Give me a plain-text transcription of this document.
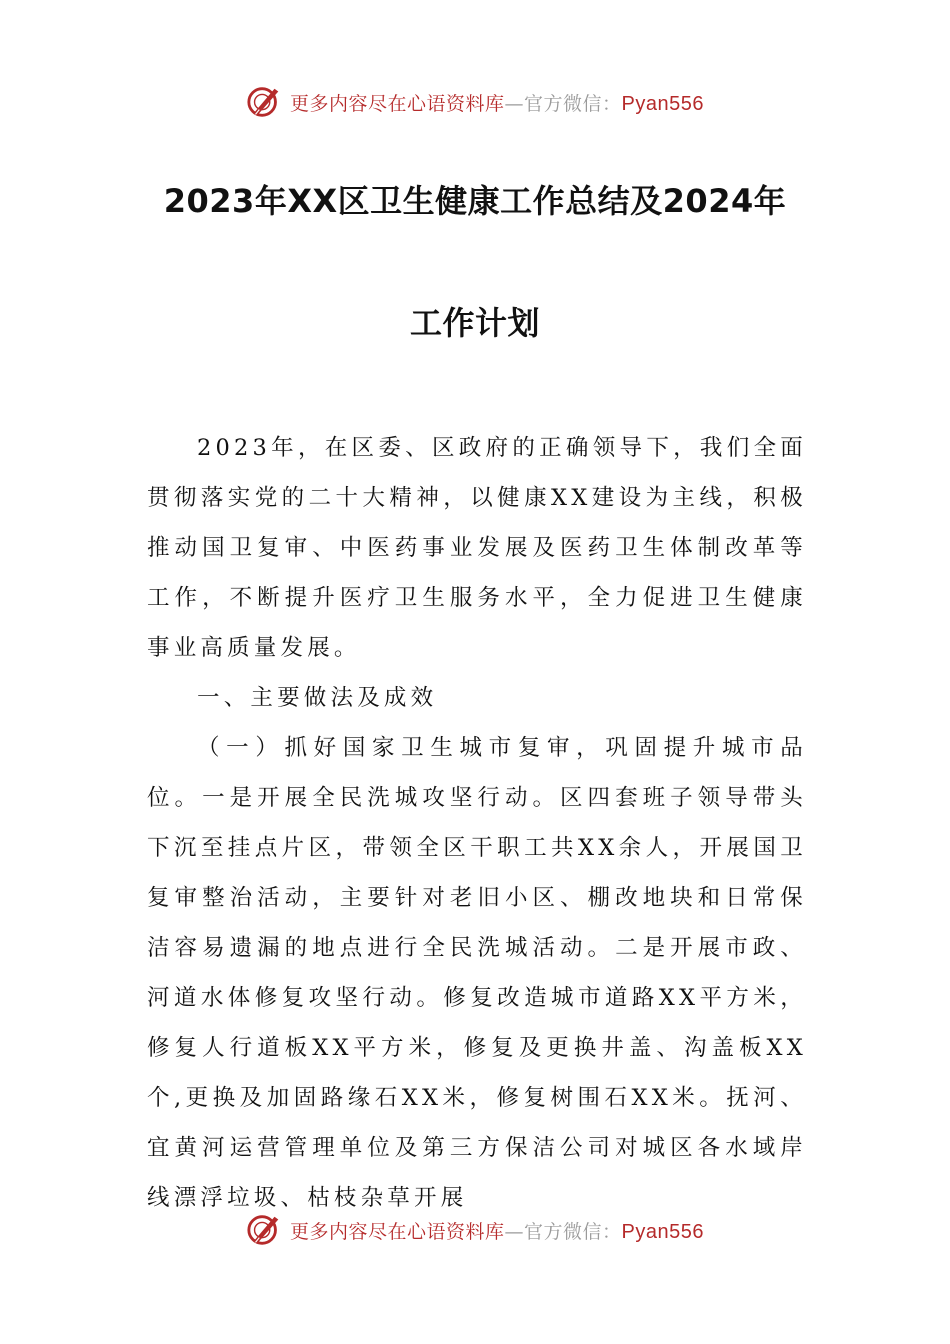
更多内容尽在心语资料库—官方微信：Pyan556
2023年XX区卫生健康工作总结及2024年
工作计划

2023年，在区委、区政府的正确领导下，我们全面贯彻落实党的二十大精神，以健康XX建设为主线，积极推动国卫复审、中医药事业发展及医药卫生体制改革等工作，不断提升医疗卫生服务水平，全力促进卫生健康事业高质量发展。

一、主要做法及成效

（一）抓好国家卫生城市复审，巩固提升城市品位。一是开展全民洗城攻坚行动。区四套班子领导带头下沉至挂点片区，带领全区干职工共XX余人，开展国卫复审整治活动，主要针对老旧小区、棚改地块和日常保洁容易遗漏的地点进行全民洗城活动。二是开展市政、河道水体修复攻坚行动。修复改造城市道路XX平方米，修复人行道板XX平方米，修复及更换井盖、沟盖板XX个,更换及加固路缘石XX米，修复树围石XX米。抚河、宜黄河运营管理单位及第三方保洁公司对城区各水域岸线漂浮垃圾、枯枝杂草开展

更多内容尽在心语资料库—官方微信：Pyan556
